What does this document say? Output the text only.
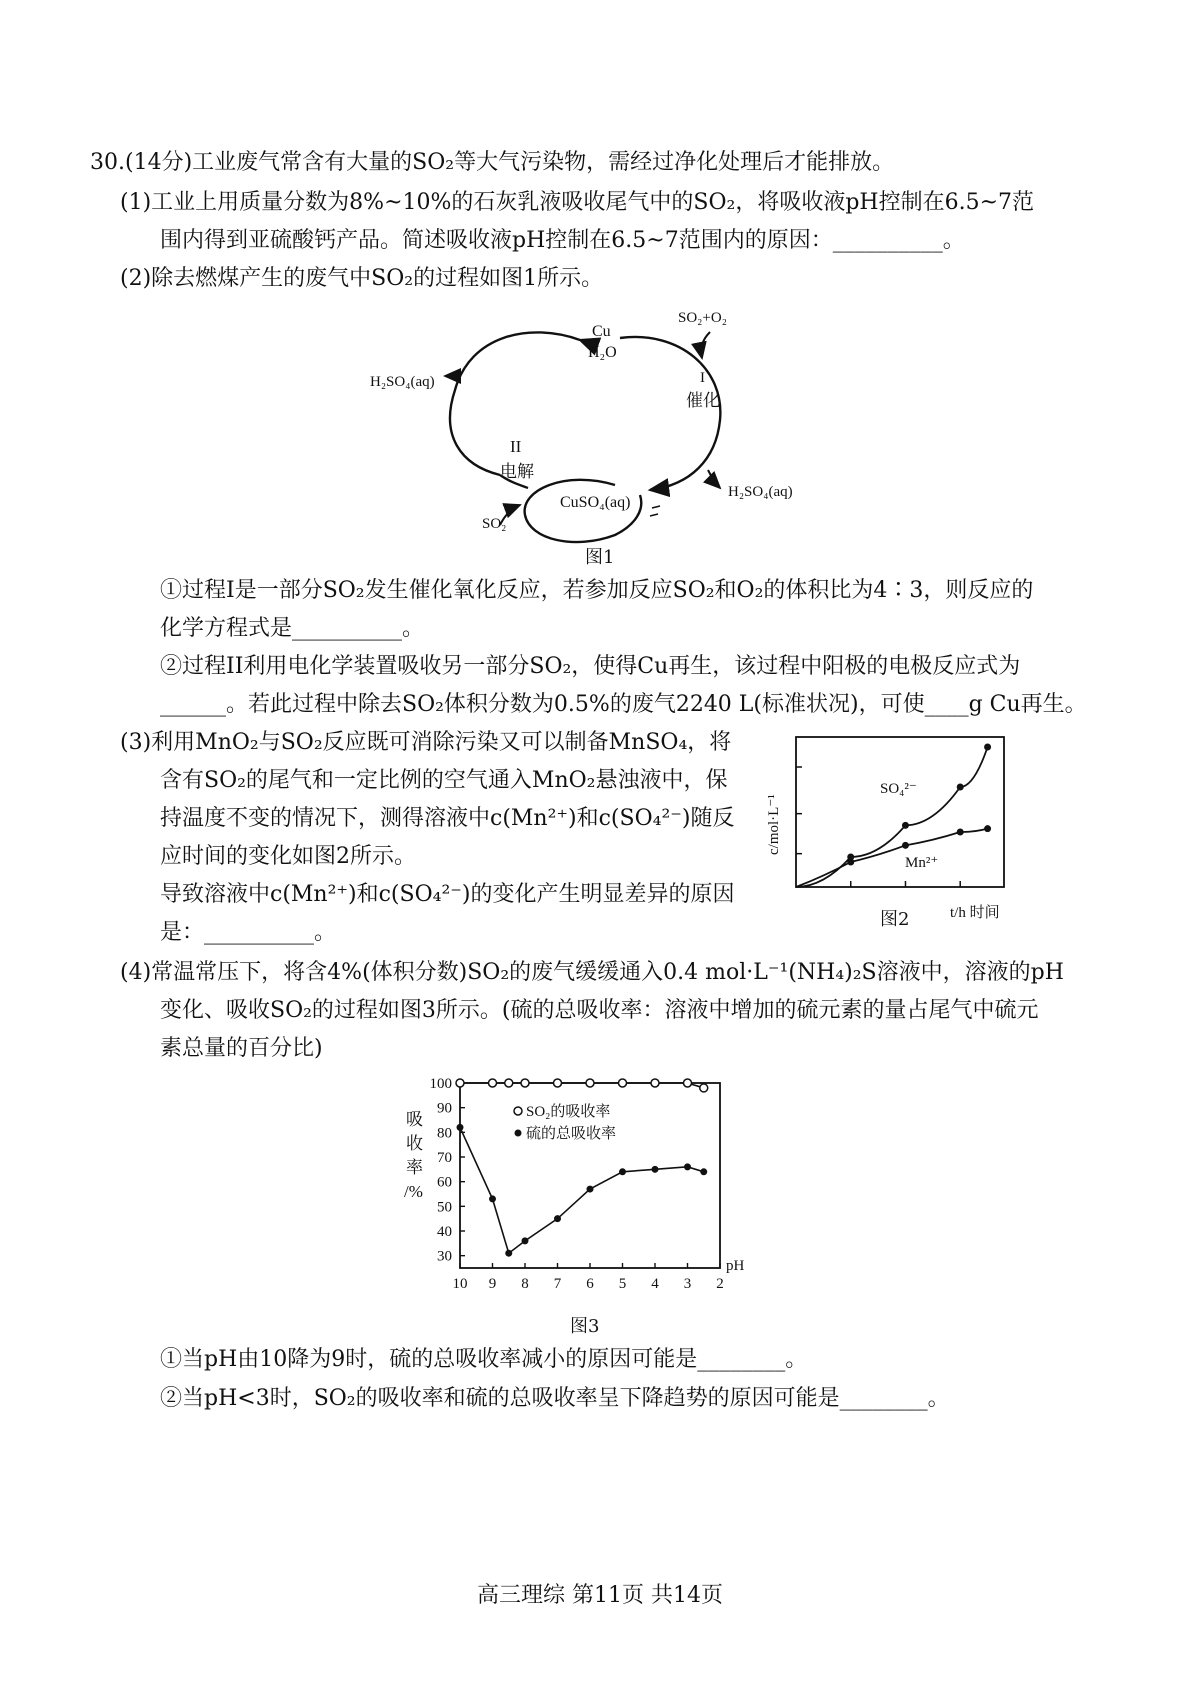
30.(14分)工业废气常含有大量的SO₂等大气污染物，需经过净化处理后才能排放。
(1)工业上用质量分数为8%~10%的石灰乳液吸收尾气中的SO₂，将吸收液pH控制在6.5~7范
围内得到亚硫酸钙产品。简述吸收液pH控制在6.5~7范围内的原因：__________。
(2)除去燃煤产生的废气中SO₂的过程如图1所示。
Cu
H₂O
SO₂+O₂
I
催化
H₂SO₄(aq)
II
电解
H₂SO₄(aq)
CuSO₄(aq)
SO₂
图1
①过程I是一部分SO₂发生催化氧化反应，若参加反应SO₂和O₂的体积比为4∶3，则反应的
化学方程式是__________。
②过程II利用电化学装置吸收另一部分SO₂，使得Cu再生，该过程中阳极的电极反应式为
______。若此过程中除去SO₂体积分数为0.5%的废气2240 L(标准状况)，可使____g Cu再生。
(3)利用MnO₂与SO₂反应既可消除污染又可以制备MnSO₄，将
含有SO₂的尾气和一定比例的空气通入MnO₂悬浊液中，保
持温度不变的情况下，测得溶液中c(Mn²⁺)和c(SO₄²⁻)随反
应时间的变化如图2所示。
导致溶液中c(Mn²⁺)和c(SO₄²⁻)的变化产生明显差异的原因
是：__________。
c/mol·L⁻¹
t/h 时间
SO₄²⁻
Mn²⁺
图2
(4)常温常压下，将含4%(体积分数)SO₂的废气缓缓通入0.4 mol·L⁻¹(NH₄)₂S溶液中，溶液的pH
变化、吸收SO₂的过程如图3所示。(硫的总吸收率：溶液中增加的硫元素的量占尾气中硫元
素总量的百分比)
吸
收
率
/%
pH
30
40
50
60
70
80
90
100
10 9 8 7 6 5 4 3 2
SO₂的吸收率
硫的总吸收率
图3
①当pH由10降为9时，硫的总吸收率减小的原因可能是________。
②当pH<3时，SO₂的吸收率和硫的总吸收率呈下降趋势的原因可能是________。
高三理综 第11页 共14页
